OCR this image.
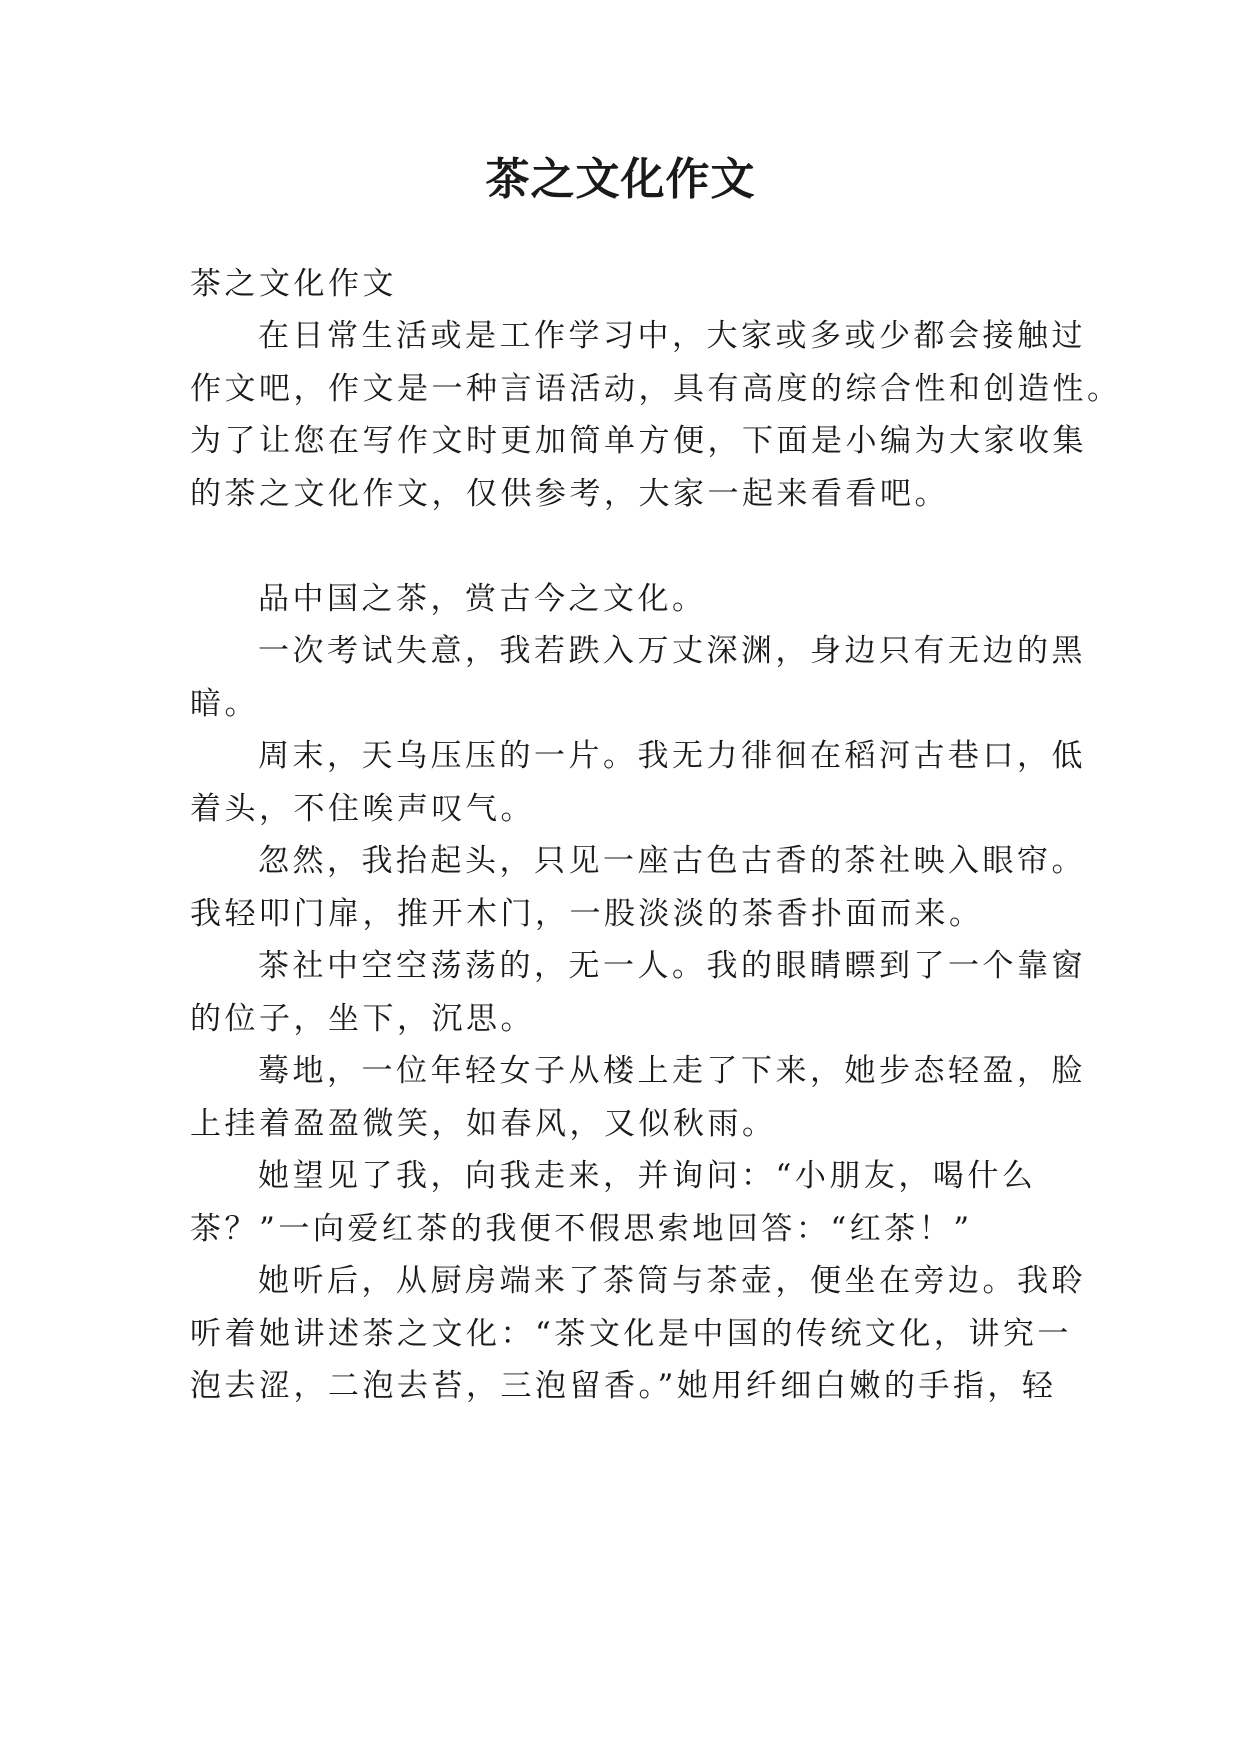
茶之文化作文

茶之文化作文

在日常生活或是工作学习中，大家或多或少都会接触过

作文吧，作文是一种言语活动，具有高度的综合性和创造性。

为了让您在写作文时更加简单方便，下面是小编为大家收集

的茶之文化作文，仅供参考，大家一起来看看吧。

品中国之茶，赏古今之文化。

一次考试失意，我若跌入万丈深渊，身边只有无边的黑

暗。

周末，天乌压压的一片。我无力徘徊在稻河古巷口，低

着头，不住唉声叹气。

忽然，我抬起头，只见一座古色古香的茶社映入眼帘。

我轻叩门扉，推开木门，一股淡淡的茶香扑面而来。

茶社中空空荡荡的，无一人。我的眼睛瞟到了一个靠窗

的位子，坐下，沉思。

蓦地，一位年轻女子从楼上走了下来，她步态轻盈，脸

上挂着盈盈微笑，如春风，又似秋雨。

她望见了我，向我走来，并询问：“小朋友，喝什么

茶？”一向爱红茶的我便不假思索地回答：“红茶！”

她听后，从厨房端来了茶筒与茶壶，便坐在旁边。我聆

听着她讲述茶之文化：“茶文化是中国的传统文化，讲究一

泡去涩，二泡去苔，三泡留香。”她用纤细白嫩的手指，轻
